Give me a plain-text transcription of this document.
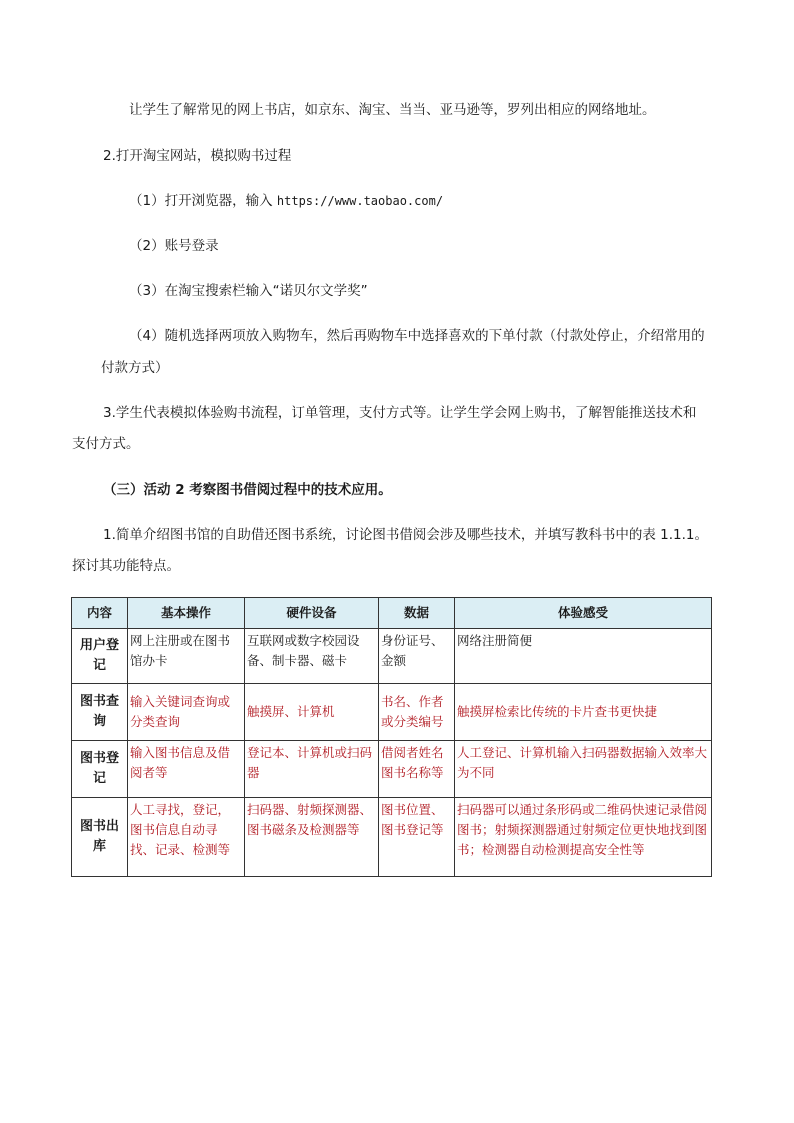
让学生了解常见的网上书店，如京东、淘宝、当当、亚马逊等，罗列出相应的网络地址。
2.打开淘宝网站，模拟购书过程
（1）打开浏览器，输入 https://www.taobao.com/
（2）账号登录
（3）在淘宝搜索栏输入“诺贝尔文学奖”
（4）随机选择两项放入购物车，然后再购物车中选择喜欢的下单付款（付款处停止，介绍常用的
付款方式）
3.学生代表模拟体验购书流程，订单管理，支付方式等。让学生学会网上购书，了解智能推送技术和
支付方式。
（三）活动 2 考察图书借阅过程中的技术应用。
1.简单介绍图书馆的自助借还图书系统，讨论图书借阅会涉及哪些技术，并填写教科书中的表 1.1.1。
探讨其功能特点。
内容	基本操作	硬件设备	数据	体验感受
用户登记	网上注册或在图书馆办卡	互联网或数字校园设备、制卡器、磁卡	身份证号、金额	网络注册简便
图书查询	输入关键词查询或分类查询	触摸屏、计算机	书名、作者或分类编号	触摸屏检索比传统的卡片查书更快捷
图书登记	输入图书信息及借阅者等	登记本、计算机或扫码器	借阅者姓名图书名称等	人工登记、计算机输入扫码器数据输入效率大为不同
图书出库	人工寻找，登记，图书信息自动寻找、记录、检测等	扫码器、射频探测器、图书磁条及检测器等	图书位置、图书登记等	扫码器可以通过条形码或二维码快速记录借阅图书；射频探测器通过射频定位更快地找到图书；检测器自动检测提高安全性等
